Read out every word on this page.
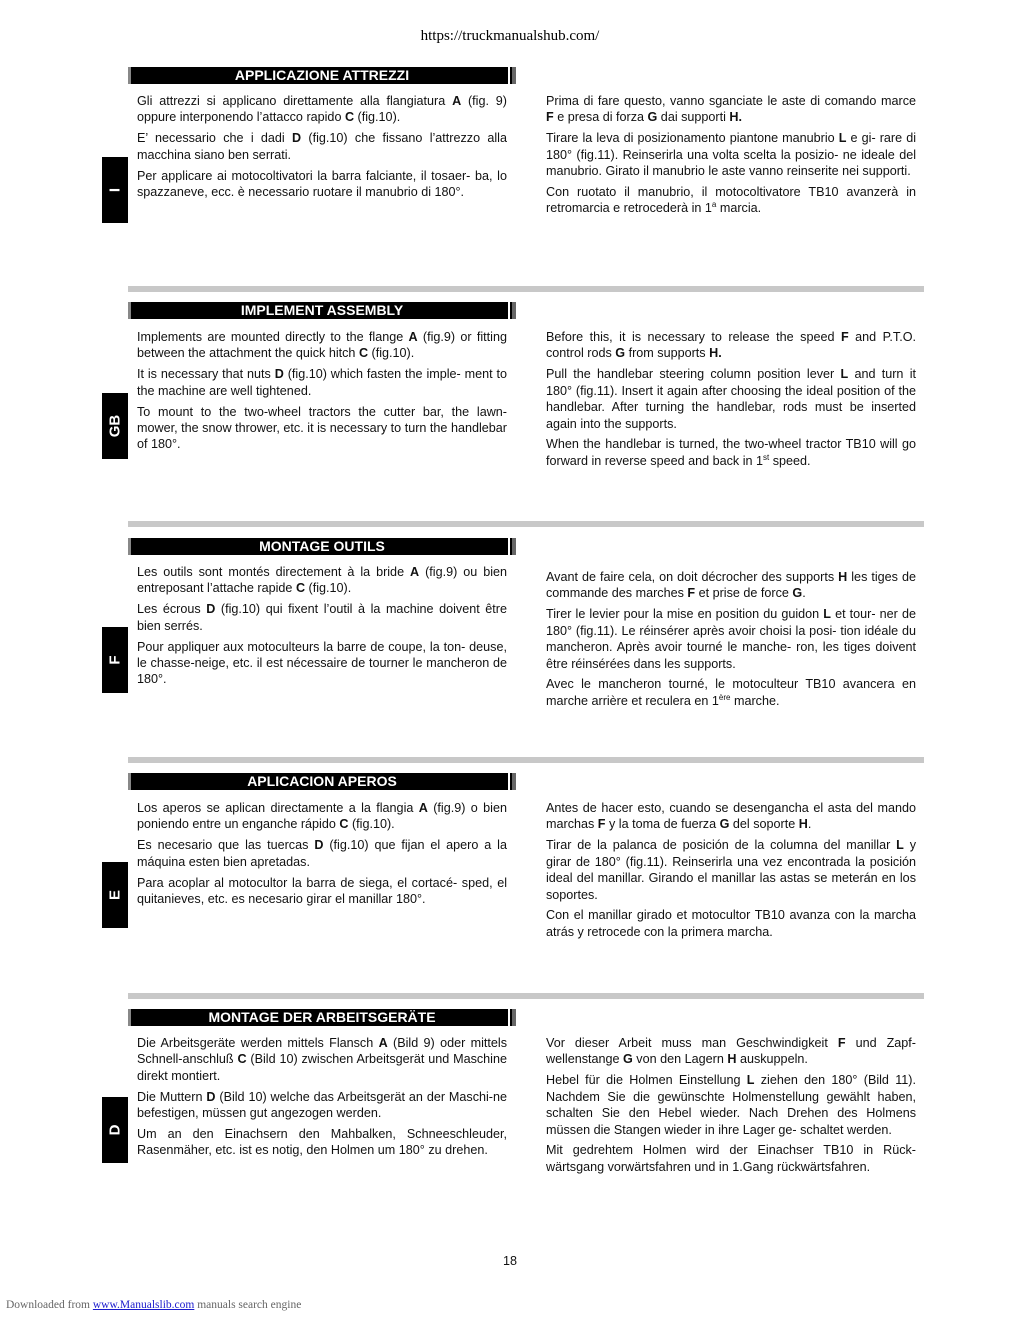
https://truckmanualshub.com/
APPLICAZIONE ATTREZZI

Gli attrezzi si applicano direttamente alla flangiatura A (fig. 9) oppure interponendo l’attacco rapido C (fig.10).

E’ necessario che i dadi D (fig.10) che fissano l’attrezzo alla macchina siano ben serrati.

Per applicare ai motocoltivatori la barra falciante, il tosaer- ba, lo spazzaneve, ecc. è necessario ruotare il manubrio di 180°.

Prima di fare questo, vanno sganciate le aste di comando marce F e presa di forza G dai supporti H.

Tirare la leva di posizionamento piantone manubrio L e gi- rare di 180° (fig.11). Reinserirla una volta scelta la posizio- ne ideale del manubrio. Girato il manubrio le aste vanno reinserite nei supporti.

Con ruotato il manubrio, il motocoltivatore TB10 avanzerà in retromarcia e retrocederà in 1$^a$ marcia.

I
IMPLEMENT ASSEMBLY

Implements are mounted directly to the flange A (fig.9) or fitting between the attachment the quick hitch C (fig.10).

It is necessary that nuts D (fig.10) which fasten the imple- ment to the machine are well tightened.

To mount to the two-wheel tractors the cutter bar, the lawn- mower, the snow thrower, etc. it is necessary to turn the handlebar of 180°.

Before this, it is necessary to release the speed F and P.T.O. control rods G from supports H.

Pull the handlebar steering column position lever L and turn it 180° (fig.11). Insert it again after choosing the ideal position of the handlebar. After turning the handlebar, rods must be inserted again into the supports.

When the handlebar is turned, the two-wheel tractor TB10 will go forward in reverse speed and back in 1st speed.

GB
MONTAGE OUTILS

Les outils sont montés directement à la bride A (fig.9) ou bien entreposant l’attache rapide C (fig.10).

Les écrous D (fig.10) qui fixent l’outil à la machine doivent être bien serrés.

Pour appliquer aux motoculteurs la barre de coupe, la ton- deuse, le chasse-neige, etc. il est nécessaire de tourner le mancheron de 180°.

Avant de faire cela, on doit décrocher des supports H les tiges de commande des marches F et prise de force G.

Tirer le levier pour la mise en position du guidon L et tour- ner de 180° (fig.11). Le réinsérer après avoir choisi la posi- tion idéale du mancheron. Après avoir tourné le manche- ron, les tiges doivent être réinsérées dans les supports.

Avec le mancheron tourné, le motoculteur TB10 avancera en marche arrière et reculera en 1ère marche.

F
APLICACION APEROS

Los aperos se aplican directamente a la flangia A (fig.9) o bien poniendo entre un enganche rápido C (fig.10).

Es necesario que las tuercas D (fig.10) que fijan el apero a la máquina esten bien apretadas.

Para acoplar al motocultor la barra de siega, el cortacé- sped, el quitanieves, etc. es necesario girar el manillar 180°.

Antes de hacer esto, cuando se desengancha el asta del mando marchas F y la toma de fuerza G del soporte H.

Tirar de la palanca de posición de la columna del manillar L y girar de 180° (fig.11). Reinserirla una vez encontrada la posición ideal del manillar. Girando el manillar las astas se meterán en los soportes.

Con el manillar girado et motocultor TB10 avanza con la marcha atrás y retrocede con la primera marcha.

E
MONTAGE DER ARBEITSGERÄTE

Die Arbeitsgeräte werden mittels Flansch A (Bild 9) oder mittels Schnell-anschluß C (Bild 10) zwischen Arbeitsgerät und Maschine direkt montiert.

Die Muttern D (Bild 10) welche das Arbeitsgerät an der Maschi-ne befestigen, müssen gut angezogen werden.

Um an den Einachsern den Mahbalken, Schneeschleuder, Rasenmäher, etc. ist es notig, den Holmen um 180° zu drehen.

Vor dieser Arbeit muss man Geschwindigkeit F und Zapf- wellenstange G von den Lagern H auskuppeln.

Hebel für die Holmen Einstellung L ziehen den 180° (Bild 11). Nachdem Sie die gewünschte Holmenstellung gewählt haben, schalten Sie den Hebel wieder. Nach Drehen des Holmens müssen die Stangen wieder in ihre Lager ge- schaltet werden.

Mit gedrehtem Holmen wird der Einachser TB10 in Rück- wärtsgang vorwärtsfahren und in 1.Gang rückwärtsfahren.

D
18
Downloaded from www.Manualslib.com manuals search engine
